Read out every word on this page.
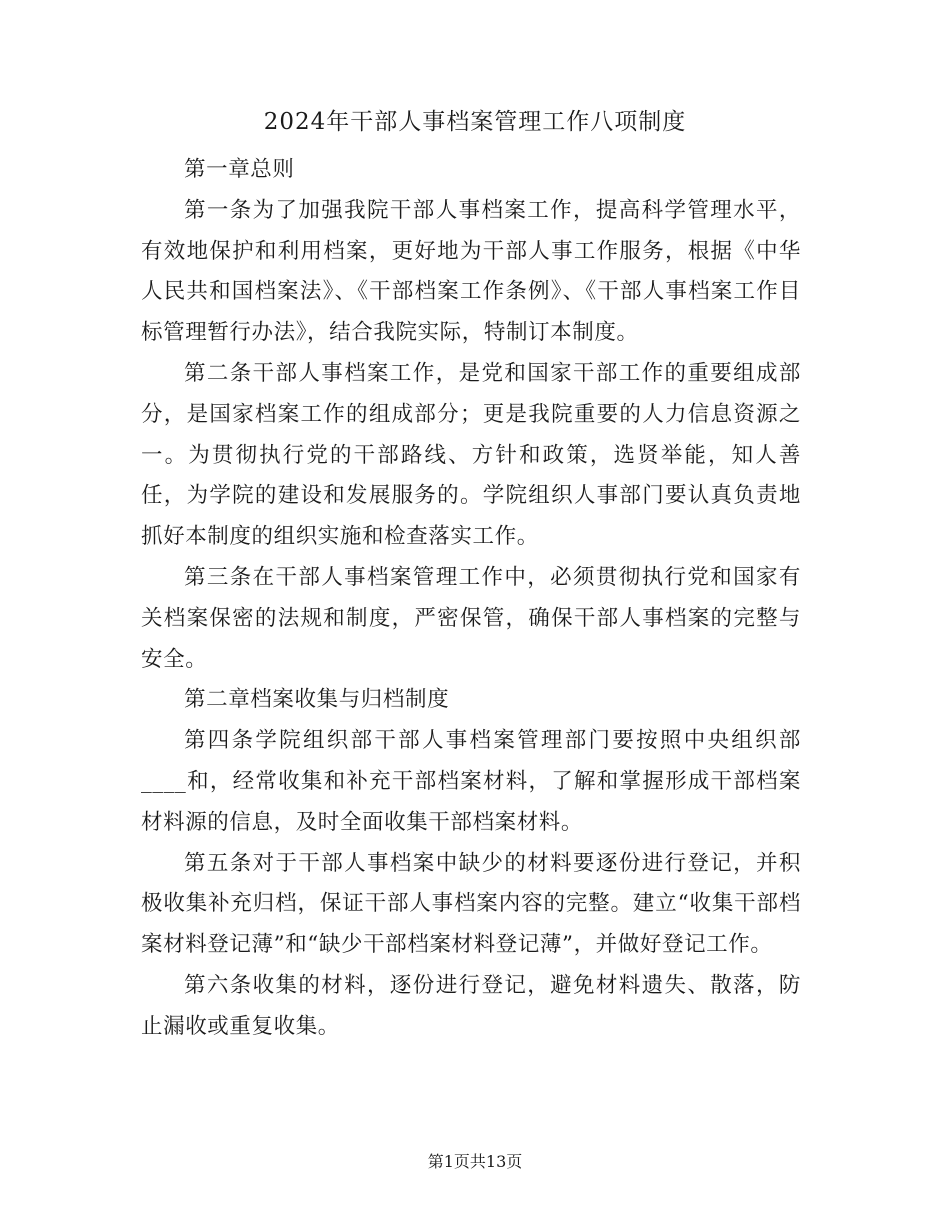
2024年干部人事档案管理工作八项制度

第一章总则

第一条为了加强我院干部人事档案工作，提高科学管理水平，有效地保护和利用档案，更好地为干部人事工作服务，根据《中华人民共和国档案法》、《干部档案工作条例》、《干部人事档案工作目标管理暂行办法》，结合我院实际，特制订本制度。

第二条干部人事档案工作，是党和国家干部工作的重要组成部分，是国家档案工作的组成部分；更是我院重要的人力信息资源之一。为贯彻执行党的干部路线、方针和政策，选贤举能，知人善任，为学院的建设和发展服务的。学院组织人事部门要认真负责地抓好本制度的组织实施和检查落实工作。

第三条在干部人事档案管理工作中，必须贯彻执行党和国家有关档案保密的法规和制度，严密保管，确保干部人事档案的完整与安全。

第二章档案收集与归档制度

第四条学院组织部干部人事档案管理部门要按照中央组织部____和，经常收集和补充干部档案材料，了解和掌握形成干部档案材料源的信息，及时全面收集干部档案材料。

第五条对于干部人事档案中缺少的材料要逐份进行登记，并积极收集补充归档，保证干部人事档案内容的完整。建立“收集干部档案材料登记薄”和“缺少干部档案材料登记薄”，并做好登记工作。

第六条收集的材料，逐份进行登记，避免材料遗失、散落，防止漏收或重复收集。

第1页共13页
